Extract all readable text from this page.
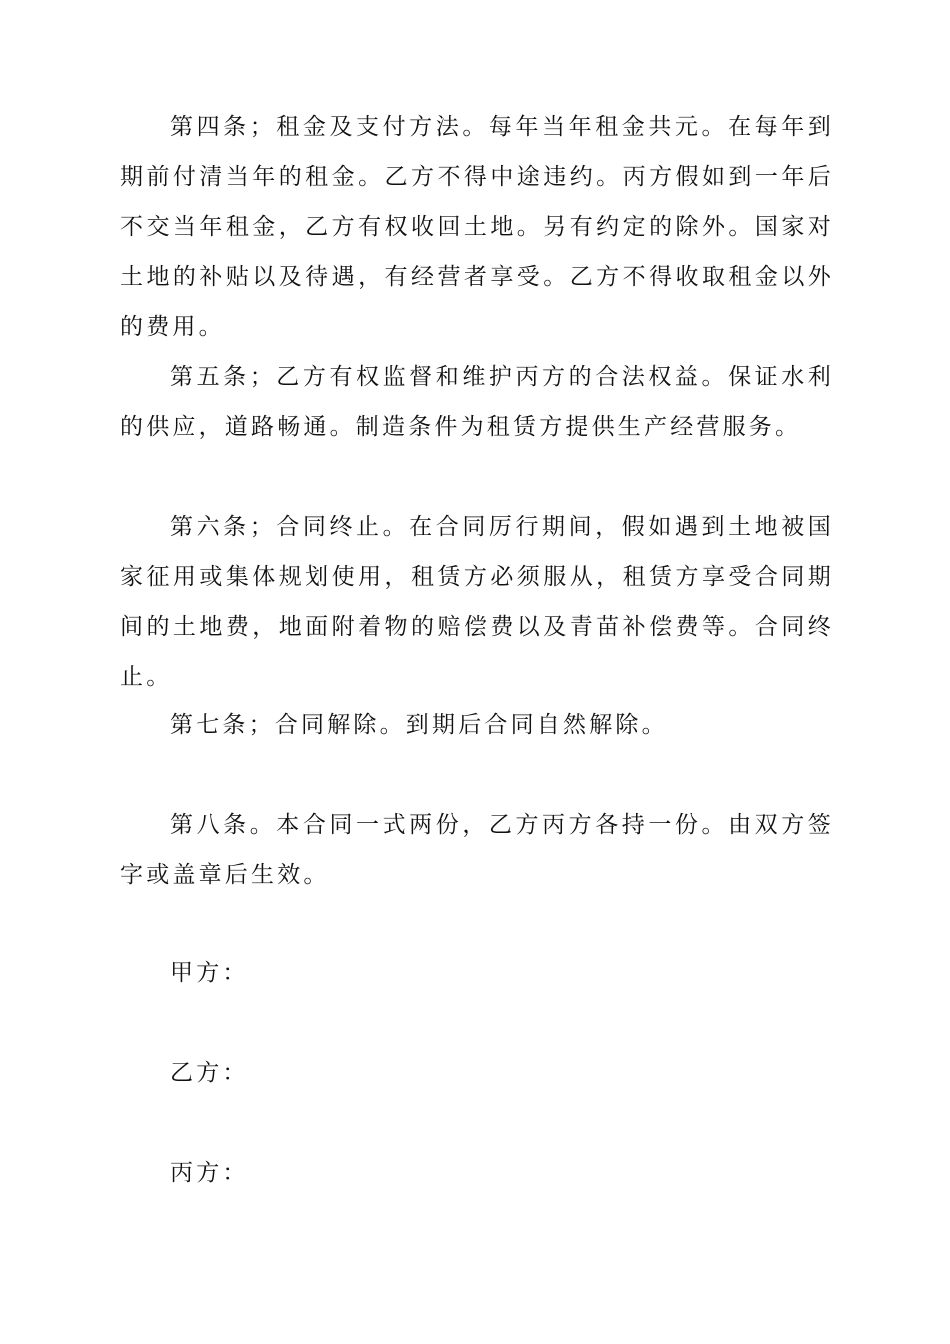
第四条；租金及支付方法。每年当年租金共元。在每年到期前付清当年的租金。乙方不得中途违约。丙方假如到一年后不交当年租金，乙方有权收回土地。另有约定的除外。国家对土地的补贴以及待遇，有经营者享受。乙方不得收取租金以外的费用。

第五条；乙方有权监督和维护丙方的合法权益。保证水利的供应，道路畅通。制造条件为租赁方提供生产经营服务。

第六条；合同终止。在合同厉行期间，假如遇到土地被国家征用或集体规划使用，租赁方必须服从，租赁方享受合同期间的土地费，地面附着物的赔偿费以及青苗补偿费等。合同终止。

第七条；合同解除。到期后合同自然解除。

第八条。本合同一式两份，乙方丙方各持一份。由双方签字或盖章后生效。

甲方：

乙方：

丙方：
